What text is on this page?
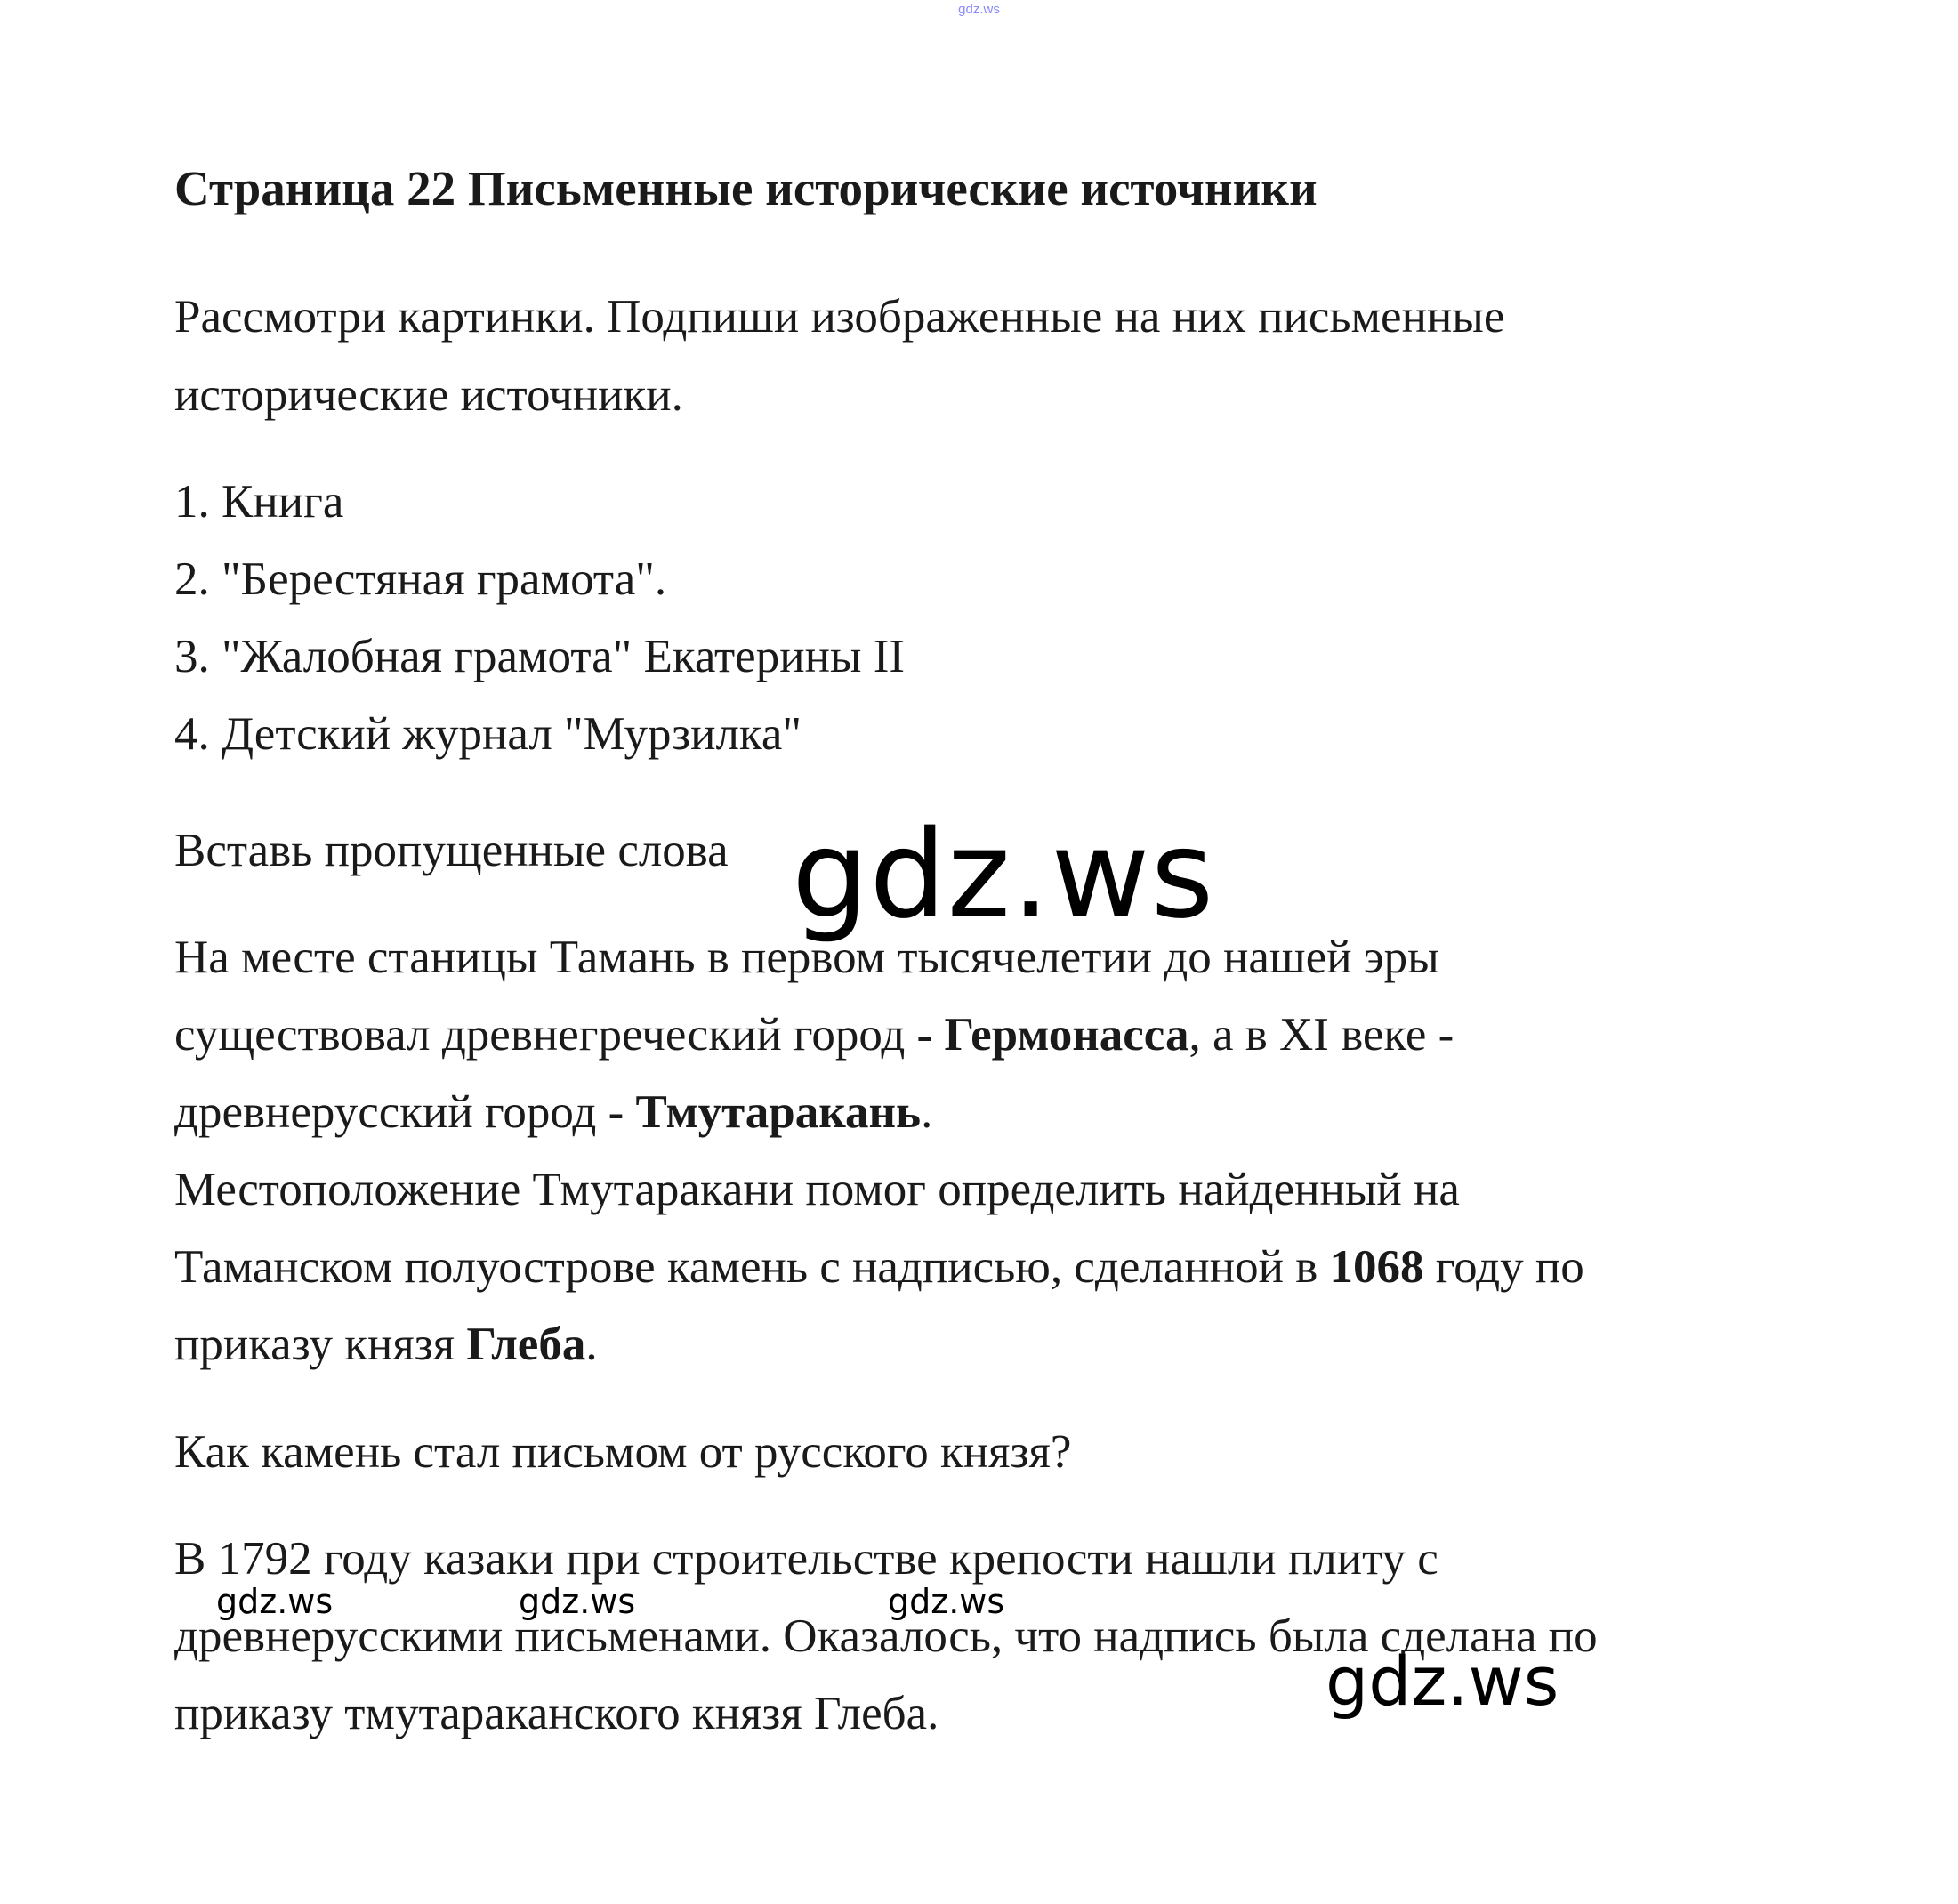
gdz.ws
Страница 22 Письменные исторические источники
Рассмотри картинки. Подпиши изображенные на них письменные
исторические источники.
1. Книга
2. "Берестяная грамота".
3. "Жалобная грамота" Екатерины II
4. Детский журнал "Мурзилка"
Вставь пропущенные слова
На месте станицы Тамань в первом тысячелетии до нашей эры
существовал древнегреческий город - Гермонасса, а в XI веке -
древнерусский город - Тмутаракань.
Местоположение Тмутаракани помог определить найденный на
Таманском полуострове камень с надписью, сделанной в 1068 году по
приказу князя Глеба.
Как камень стал письмом от русского князя?
В 1792 году казаки при строительстве крепости нашли плиту с
древнерусскими письменами. Оказалось, что надпись была сделана по
приказу тмутараканского князя Глеба.
gdz.ws
gdz.ws
gdz.ws	gdz.ws	gdz.ws
